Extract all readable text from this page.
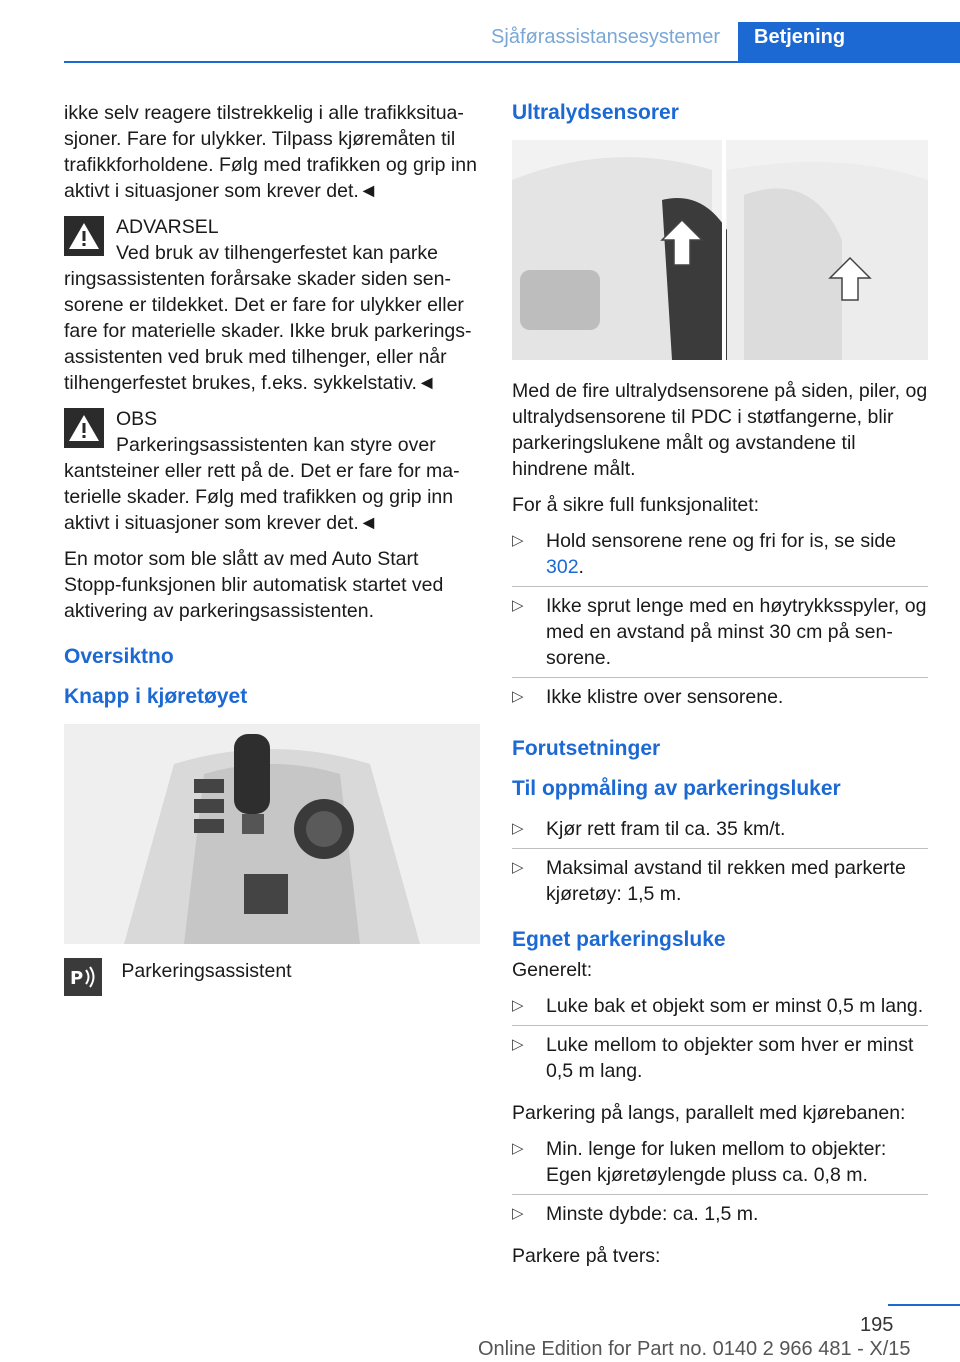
Sjåførassistansesystemer	Betjening

ikke selv reagere tilstrekkelig i alle trafikksituasjoner. Fare for ulykker. Tilpass kjøremåten til trafikkforholdene. Følg med trafikken og grip inn aktivt i situasjoner som krever det.◄

ADVARSEL
Ved bruk av tilhengerfestet kan parke
ringsassistenten forårsake skader siden sensorene er tildekket. Det er fare for ulykker eller fare for materielle skader. Ikke bruk parkeringsassistenten ved bruk med tilhenger, eller når tilhengerfestet brukes, f.eks. sykkelstativ.◄
OBS
Parkeringsassistenten kan styre over
kantsteiner eller rett på de. Det er fare for materielle skader. Følg med trafikken og grip inn aktivt i situasjoner som krever det.◄

En motor som ble slått av med Auto Start Stopp-funksjonen blir automatisk startet ved aktivering av parkeringsassistenten.

Oversiktno
Knapp i kjøretøyet
P Parkeringsassistent
Ultralydsensorer

Med de fire ultralydsensorene på siden, piler, og ultralydsensorene til PDC i støtfangerne, blir parkeringslukene målt og avstandene til hindrene målt.

For å sikre full funksjonalitet:

▷ Hold sensorene rene og fri for is, se side 302.
▷ Ikke sprut lenge med en høytrykksspyler, og med en avstand på minst 30 cm på sensorene.
▷ Ikke klistre over sensorene.
Forutsetninger
Til oppmåling av parkeringsluker
▷ Kjør rett fram til ca. 35 km/t.
▷ Maksimal avstand til rekken med parkerte kjøretøy: 1,5 m.
Egnet parkeringsluke

Generelt:

▷ Luke bak et objekt som er minst 0,5 m lang.
▷ Luke mellom to objekter som hver er minst 0,5 m lang.

Parkering på langs, parallelt med kjørebanen:

▷ Min. lenge for luken mellom to objekter: Egen kjøretøylengde pluss ca. 0,8 m.
▷ Minste dybde: ca. 1,5 m.

Parkere på tvers:

195
Online Edition for Part no. 0140 2 966 481 - X/15
